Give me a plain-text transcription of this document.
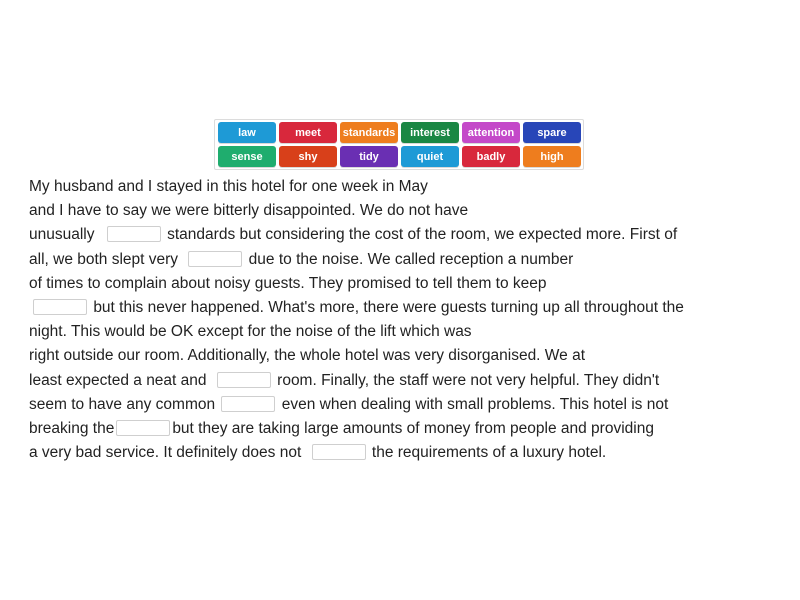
law	meet	standards	interest	attention	spare
sense	shy	tidy	quiet	badly	high
My husband and I stayed in this hotel for one week in May
and I have to say we were bitterly disappointed. We do not have
unusually	standards but considering the cost of the room, we expected more. First of
all, we both slept very	due to the noise. We called reception a number
of times to complain about noisy guests. They promised to tell them to keep
but this never happened. What's more, there were guests turning up all throughout the
night. This would be OK except for the noise of the lift which was
right outside our room. Additionally, the whole hotel was very disorganised. We at
least expected a neat and	room. Finally, the staff were not very helpful. They didn't
seem to have any common	even when dealing with small problems. This hotel is not
breaking the	but they are taking large amounts of money from people and providing
a very bad service. It definitely does not	the requirements of a luxury hotel.
